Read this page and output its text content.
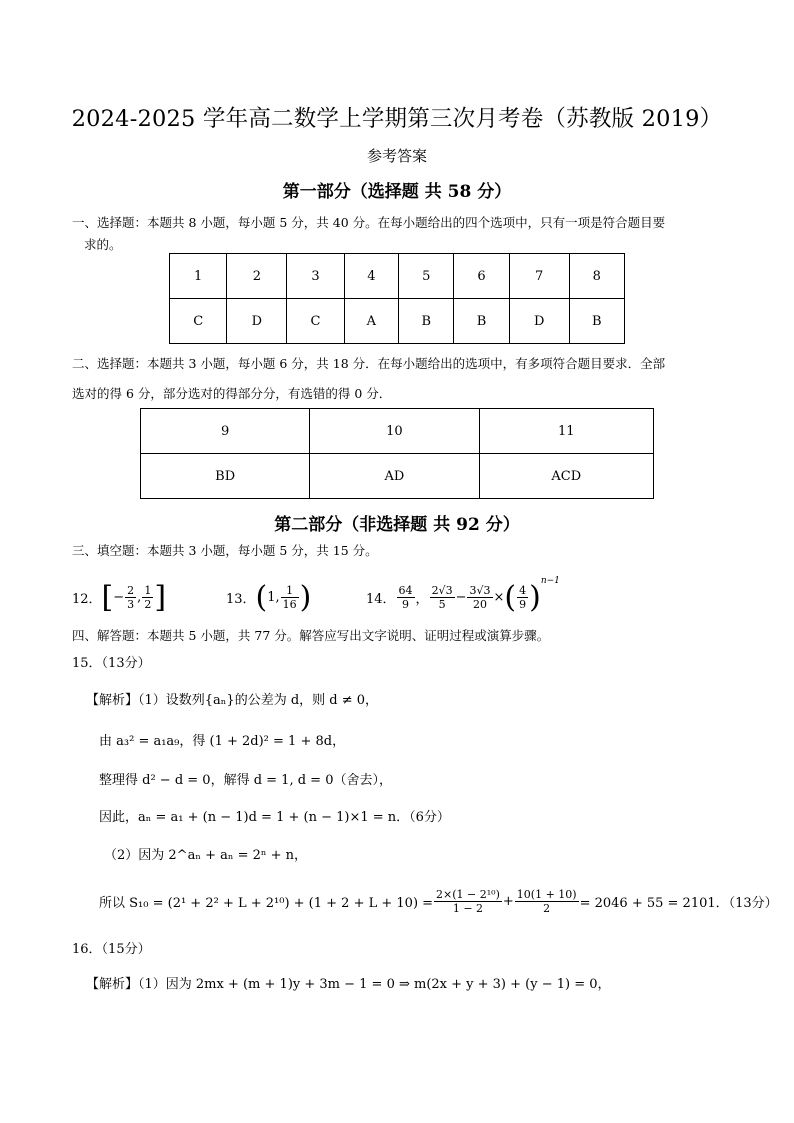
2024-2025 学年高二数学上学期第三次月考卷（苏教版 2019）
参考答案
第一部分（选择题 共 58 分）
一、选择题：本题共 8 小题，每小题 5 分，共 40 分。在每小题给出的四个选项中，只有一项是符合题目要
求的。
1	2	3	4	5	6	7	8
C	D	C	A	B	B	D	B
二、选择题：本题共 3 小题，每小题 6 分，共 18 分．在每小题给出的选项中，有多项符合题目要求．全部
选对的得 6 分，部分选对的得部分分，有选错的得 0 分．
9	10	11
BD	AD	ACD
第二部分（非选择题 共 92 分）
三、填空题：本题共 3 小题，每小题 5 分，共 15 分。
12． [ − $\frac{2}{3}$ , $\frac{1}{2}$ ]	13． ( 1, $\frac{1}{16}$ )	14． $\frac{64}{9}$ ， $\frac{2√3}{5} - \frac{3√3}{20}$ × ( $\frac{4}{9}$ ) n−1
四、解答题：本题共 5 小题，共 77 分。解答应写出文字说明、证明过程或演算步骤。
15．（13分）
【解析】（1）设数列{aₙ}的公差为 d，则 d ≠ 0，
由 a₃² = a₁a₉，得 (1 + 2d)² = 1 + 8d，
整理得 d² − d = 0，解得 d = 1, d = 0（舍去），
因此，aₙ = a₁ + (n − 1)d = 1 + (n − 1)×1 = n．（6分）
（2）因为 2^aₙ + aₙ = 2ⁿ + n，
所以 $S_{10} = (2^1 + 2^2 + L + 2^{10}) + (1 + 2 + L + 10) = \frac{\text{2×(1 − 2¹⁰)}}{1 - 2} + \frac{10(1 + 10)}{2} = 2046 + 55 = 2101$．（13分）
16．（15分）
【解析】（1）因为 2mx + (m + 1)y + 3m − 1 = 0 ⇒ m(2x + y + 3) + (y − 1) = 0，
